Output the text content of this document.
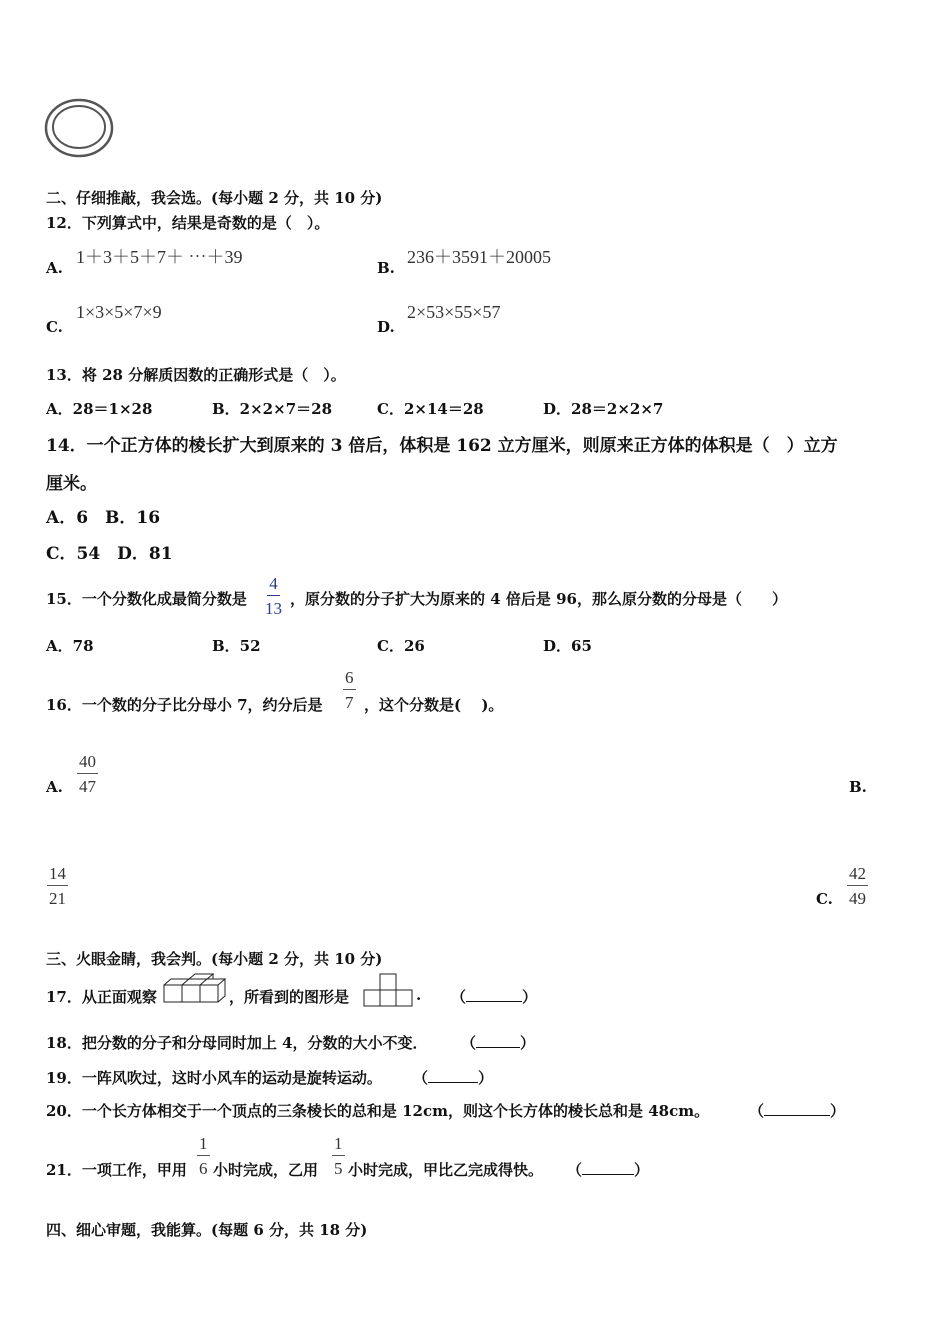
二、仔细推敲，我会选。(每小题 2 分，共 10 分)
12．下列算式中，结果是奇数的是（　）。
A.
1＋3＋5＋7＋ ⋯＋39
B.
236＋3591＋20005
C.
1×3×5×7×9
D.
2×53×55×57
13．将 28 分解质因数的正确形式是（　）。
A．28＝1×28	B．2×2×7＝28	C．2×14＝28	D．28＝2×2×7
14．一个正方体的棱长扩大到原来的 3 倍后，体积是 162 立方厘米，则原来正方体的体积是（　）立方
厘米。
A．6　B．16
C．54　D．81
15．一个分数化成最简分数是 $\frac{4}{13}$ ，原分数的分子扩大为原来的 4 倍后是 96，那么原分数的分母是（　　）
A．78	B．52	C．26	D．65
16．一个数的分子比分母小 7，约分后是 $\frac{6}{7}$ ，这个分数是(　 )。
A. $\frac{40}{47}$	B.
$\frac{14}{21}$	C. $\frac{42}{49}$
三、火眼金睛，我会判。(每小题 2 分，共 10 分)
17．从正面观察	，所看到的图形是	. （	）
18．把分数的分子和分母同时加上 4，分数的大小不变． （	）
19．一阵风吹过，这时小风车的运动是旋转运动。 （	）
20．一个长方体相交于一个顶点的三条棱长的总和是 12cm，则这个长方体的棱长总和是 48cm。	（	）
21．一项工作，甲用 $\frac{1}{6}$ 小时完成，乙用 $\frac{1}{5}$ 小时完成，甲比乙完成得快。 （	）
四、细心审题，我能算。(每题 6 分，共 18 分)
